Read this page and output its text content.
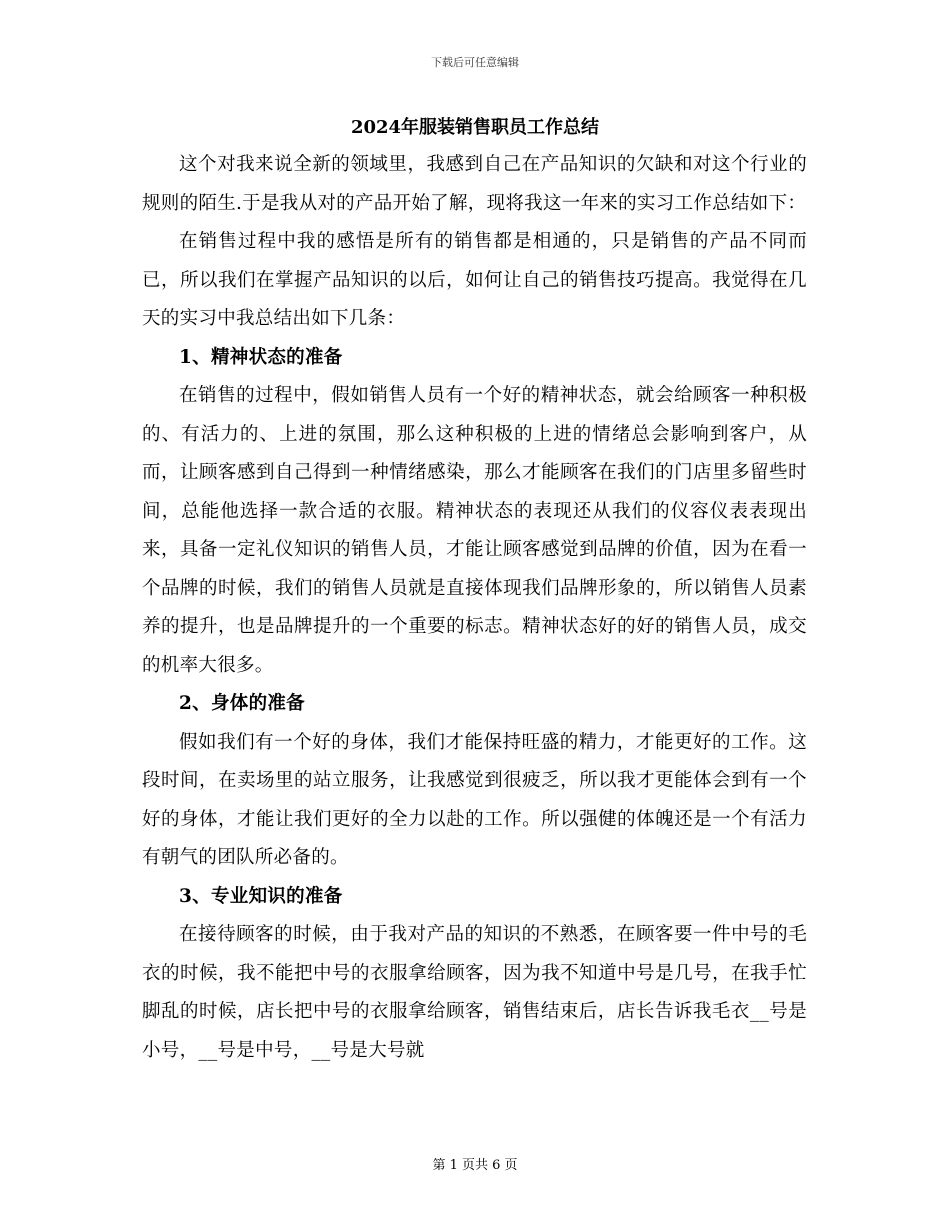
下载后可任意编辑
2024年服装销售职员工作总结

这个对我来说全新的领域里，我感到自己在产品知识的欠缺和对这个行业的规则的陌生.于是我从对的产品开始了解，现将我这一年来的实习工作总结如下：

在销售过程中我的感悟是所有的销售都是相通的，只是销售的产品不同而已，所以我们在掌握产品知识的以后，如何让自己的销售技巧提高。我觉得在几天的实习中我总结出如下几条：

1、精神状态的准备

在销售的过程中，假如销售人员有一个好的精神状态，就会给顾客一种积极的、有活力的、上进的氛围，那么这种积极的上进的情绪总会影响到客户，从而，让顾客感到自己得到一种情绪感染，那么才能顾客在我们的门店里多留些时间，总能他选择一款合适的衣服。精神状态的表现还从我们的仪容仪表表现出来，具备一定礼仪知识的销售人员，才能让顾客感觉到品牌的价值，因为在看一个品牌的时候，我们的销售人员就是直接体现我们品牌形象的，所以销售人员素养的提升，也是品牌提升的一个重要的标志。精神状态好的好的销售人员，成交的机率大很多。

2、身体的准备

假如我们有一个好的身体，我们才能保持旺盛的精力，才能更好的工作。这段时间，在卖场里的站立服务，让我感觉到很疲乏，所以我才更能体会到有一个好的身体，才能让我们更好的全力以赴的工作。所以强健的体魄还是一个有活力有朝气的团队所必备的。

3、专业知识的准备

在接待顾客的时候，由于我对产品的知识的不熟悉，在顾客要一件中号的毛衣的时候，我不能把中号的衣服拿给顾客，因为我不知道中号是几号，在我手忙脚乱的时候，店长把中号的衣服拿给顾客，销售结束后，店长告诉我毛衣__号是小号，__号是中号，__号是大号就

第 1 页共 6 页
